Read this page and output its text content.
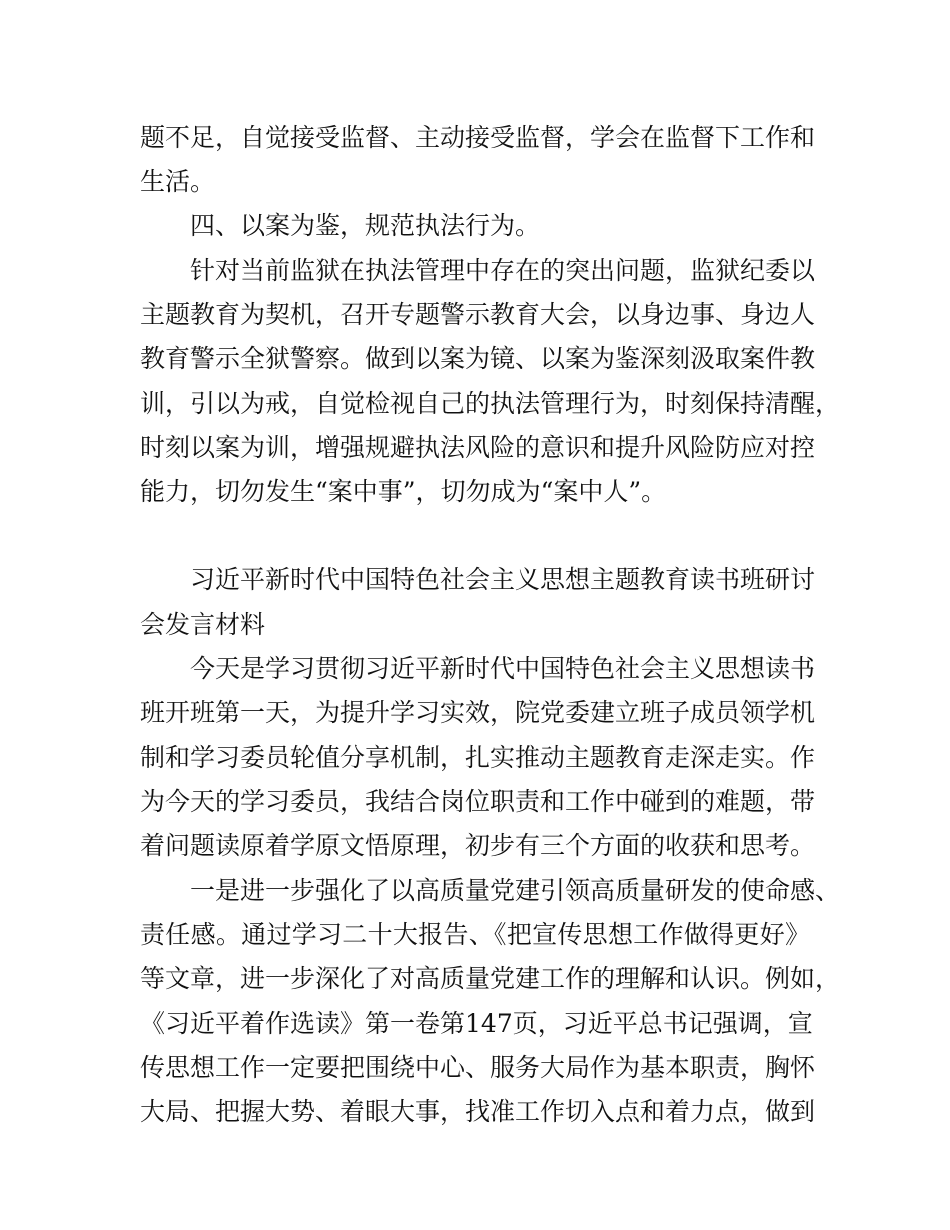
题不足，自觉接受监督、主动接受监督，学会在监督下工作和
生活。
四、以案为鉴，规范执法行为。
针对当前监狱在执法管理中存在的突出问题，监狱纪委以
主题教育为契机，召开专题警示教育大会，以身边事、身边人
教育警示全狱警察。做到以案为镜、以案为鉴深刻汲取案件教
训，引以为戒，自觉检视自己的执法管理行为，时刻保持清醒，
时刻以案为训，增强规避执法风险的意识和提升风险防应对控
能力，切勿发生“案中事”，切勿成为“案中人”。
习近平新时代中国特色社会主义思想主题教育读书班研讨
会发言材料
今天是学习贯彻习近平新时代中国特色社会主义思想读书
班开班第一天，为提升学习实效，院党委建立班子成员领学机
制和学习委员轮值分享机制，扎实推动主题教育走深走实。作
为今天的学习委员，我结合岗位职责和工作中碰到的难题，带
着问题读原着学原文悟原理，初步有三个方面的收获和思考。
一是进一步强化了以高质量党建引领高质量研发的使命感、
责任感。通过学习二十大报告、《把宣传思想工作做得更好》
等文章，进一步深化了对高质量党建工作的理解和认识。例如，
《习近平着作选读》第一卷第147页，习近平总书记强调，宣
传思想工作一定要把围绕中心、服务大局作为基本职责，胸怀
大局、把握大势、着眼大事，找准工作切入点和着力点，做到
